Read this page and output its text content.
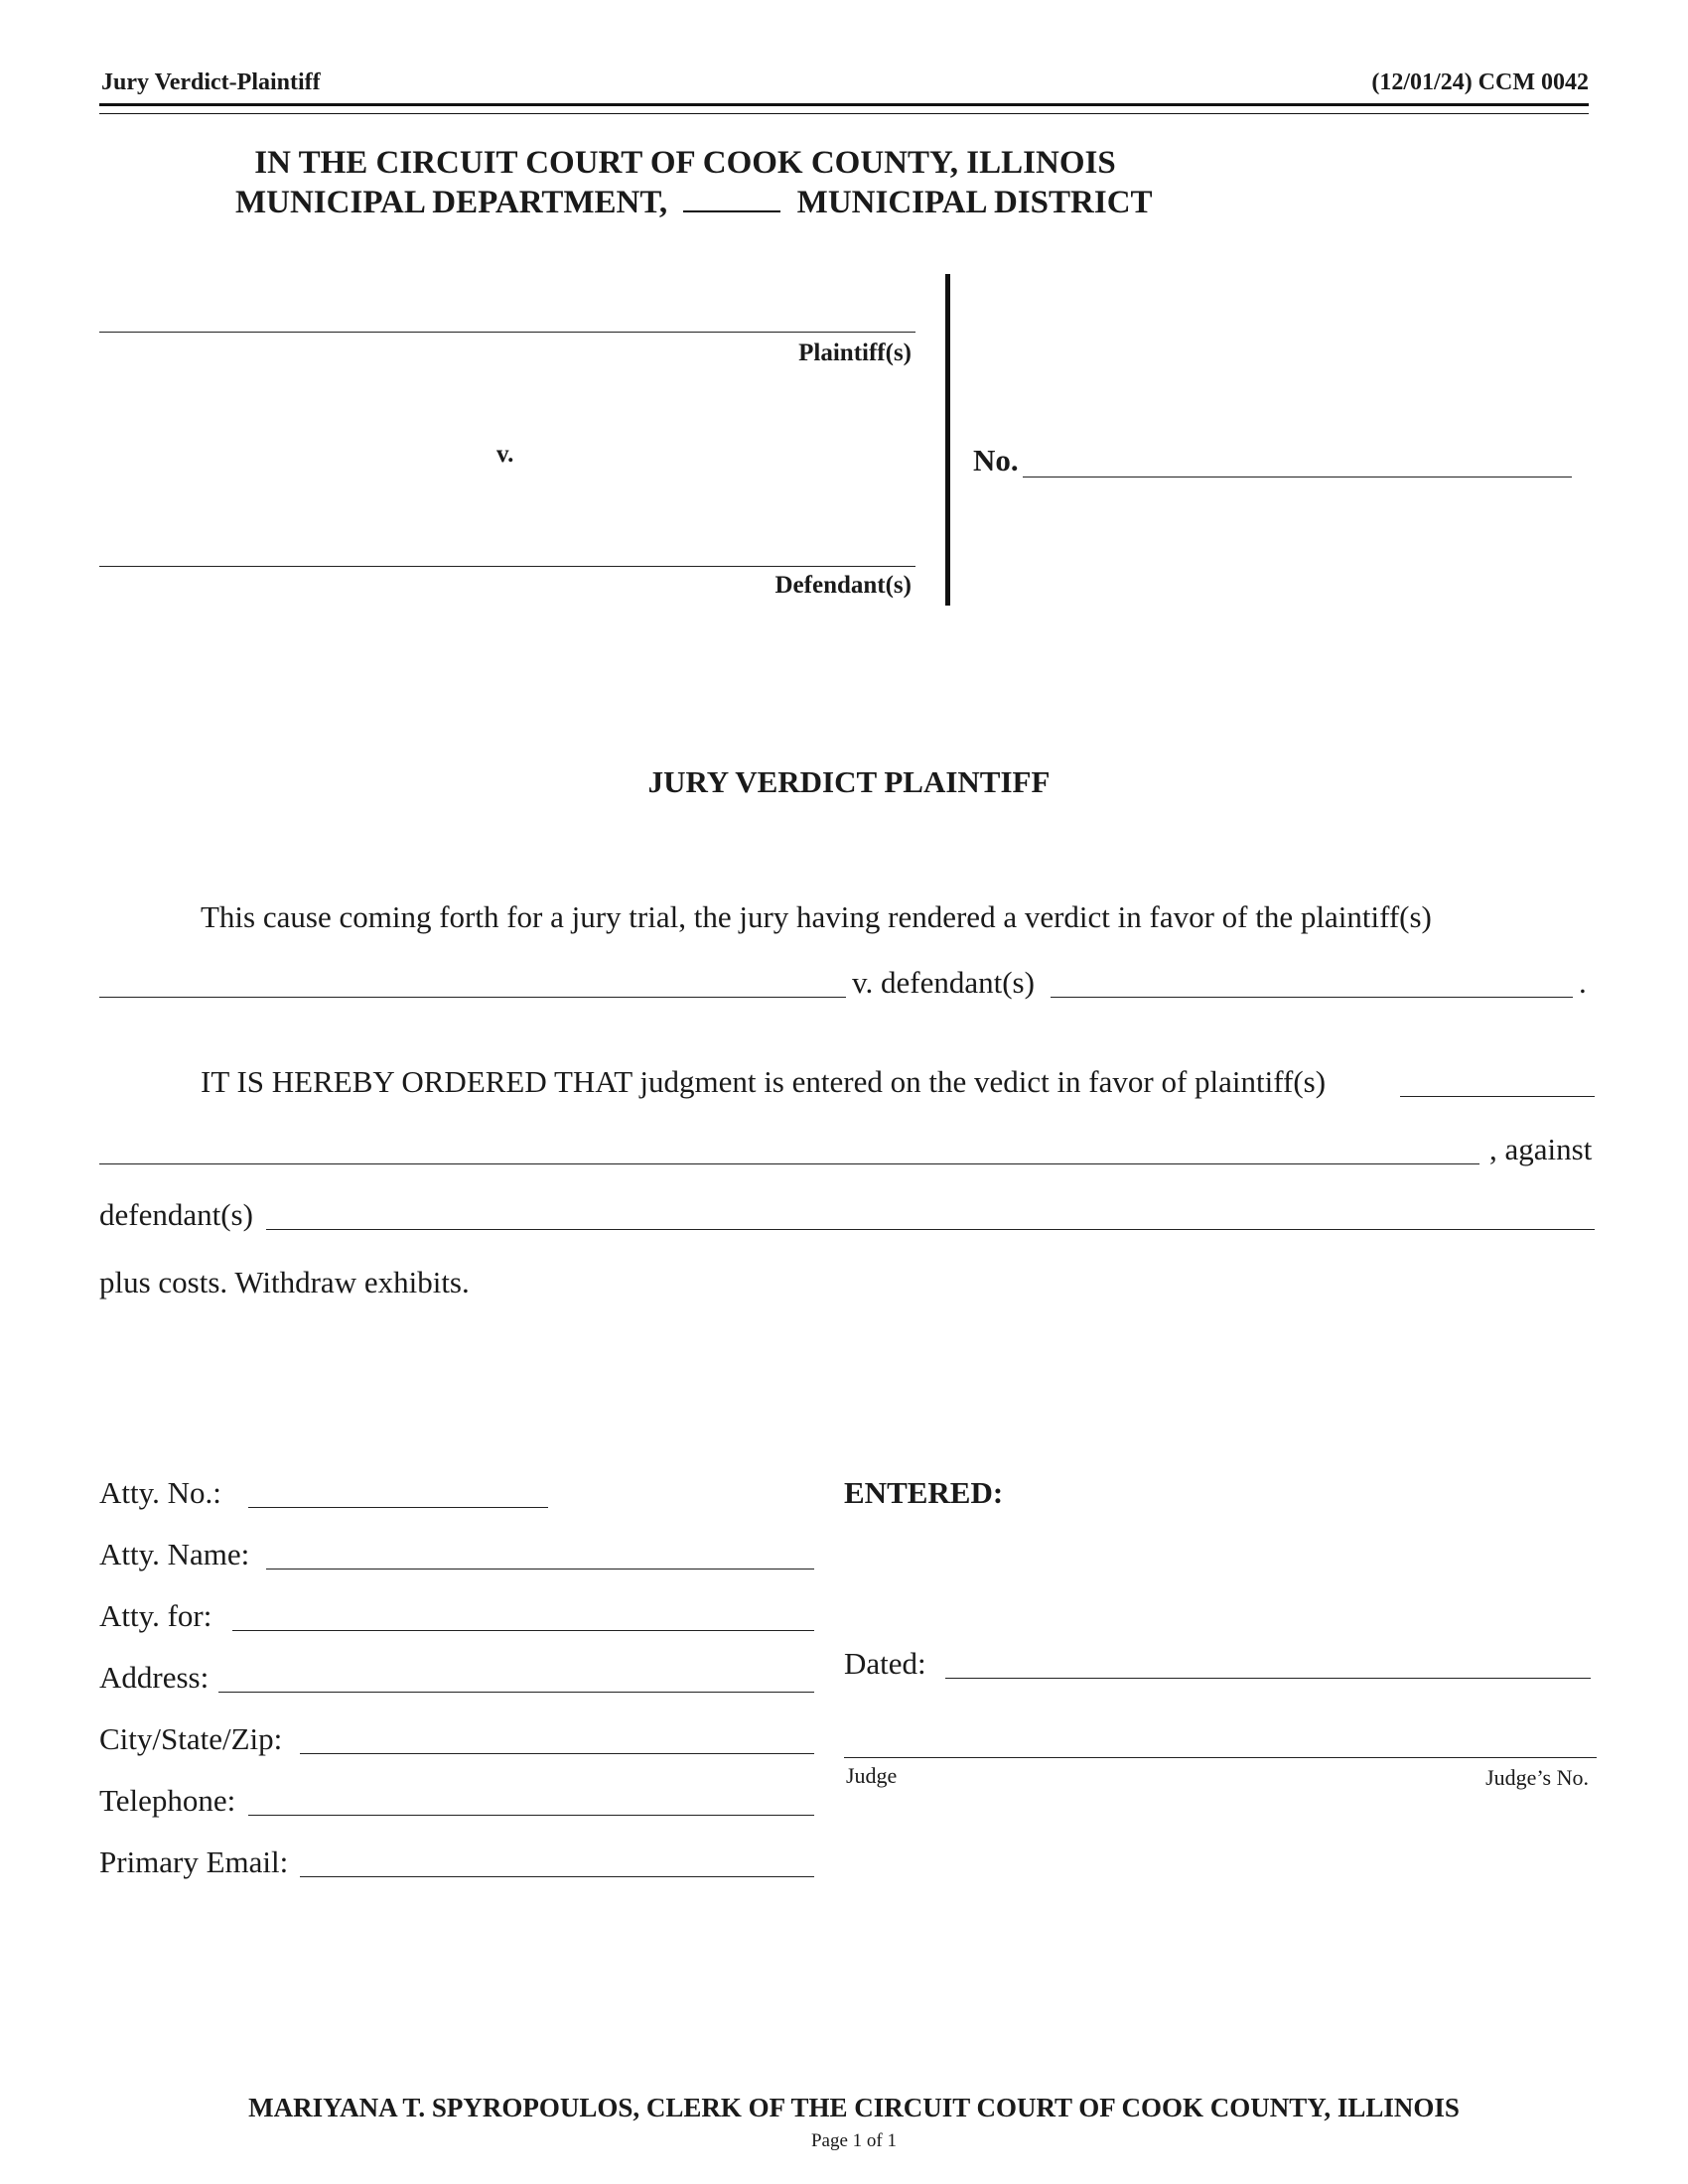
Jury Verdict-Plaintiff	(12/01/24) CCM 0042
IN THE CIRCUIT COURT OF COOK COUNTY, ILLINOIS
MUNICIPAL DEPARTMENT,	MUNICIPAL DISTRICT
Plaintiff(s)
v.
Defendant(s)
No.
JURY VERDICT PLAINTIFF
This cause coming forth for a jury trial, the jury having rendered a verdict in favor of the plaintiff(s)
v. defendant(s)	.
IT IS HEREBY ORDERED THAT judgment is entered on the vedict in favor of plaintiff(s)
, against
defendant(s)
plus costs. Withdraw exhibits.
Atty. No.:
Atty. Name:
Atty. for:
Address:
City/State/Zip:
Telephone:
Primary Email:
ENTERED:
Dated:
Judge	Judge’s No.
MARIYANA T. SPYROPOULOS, CLERK OF THE CIRCUIT COURT OF COOK COUNTY, ILLINOIS
Page 1 of 1
